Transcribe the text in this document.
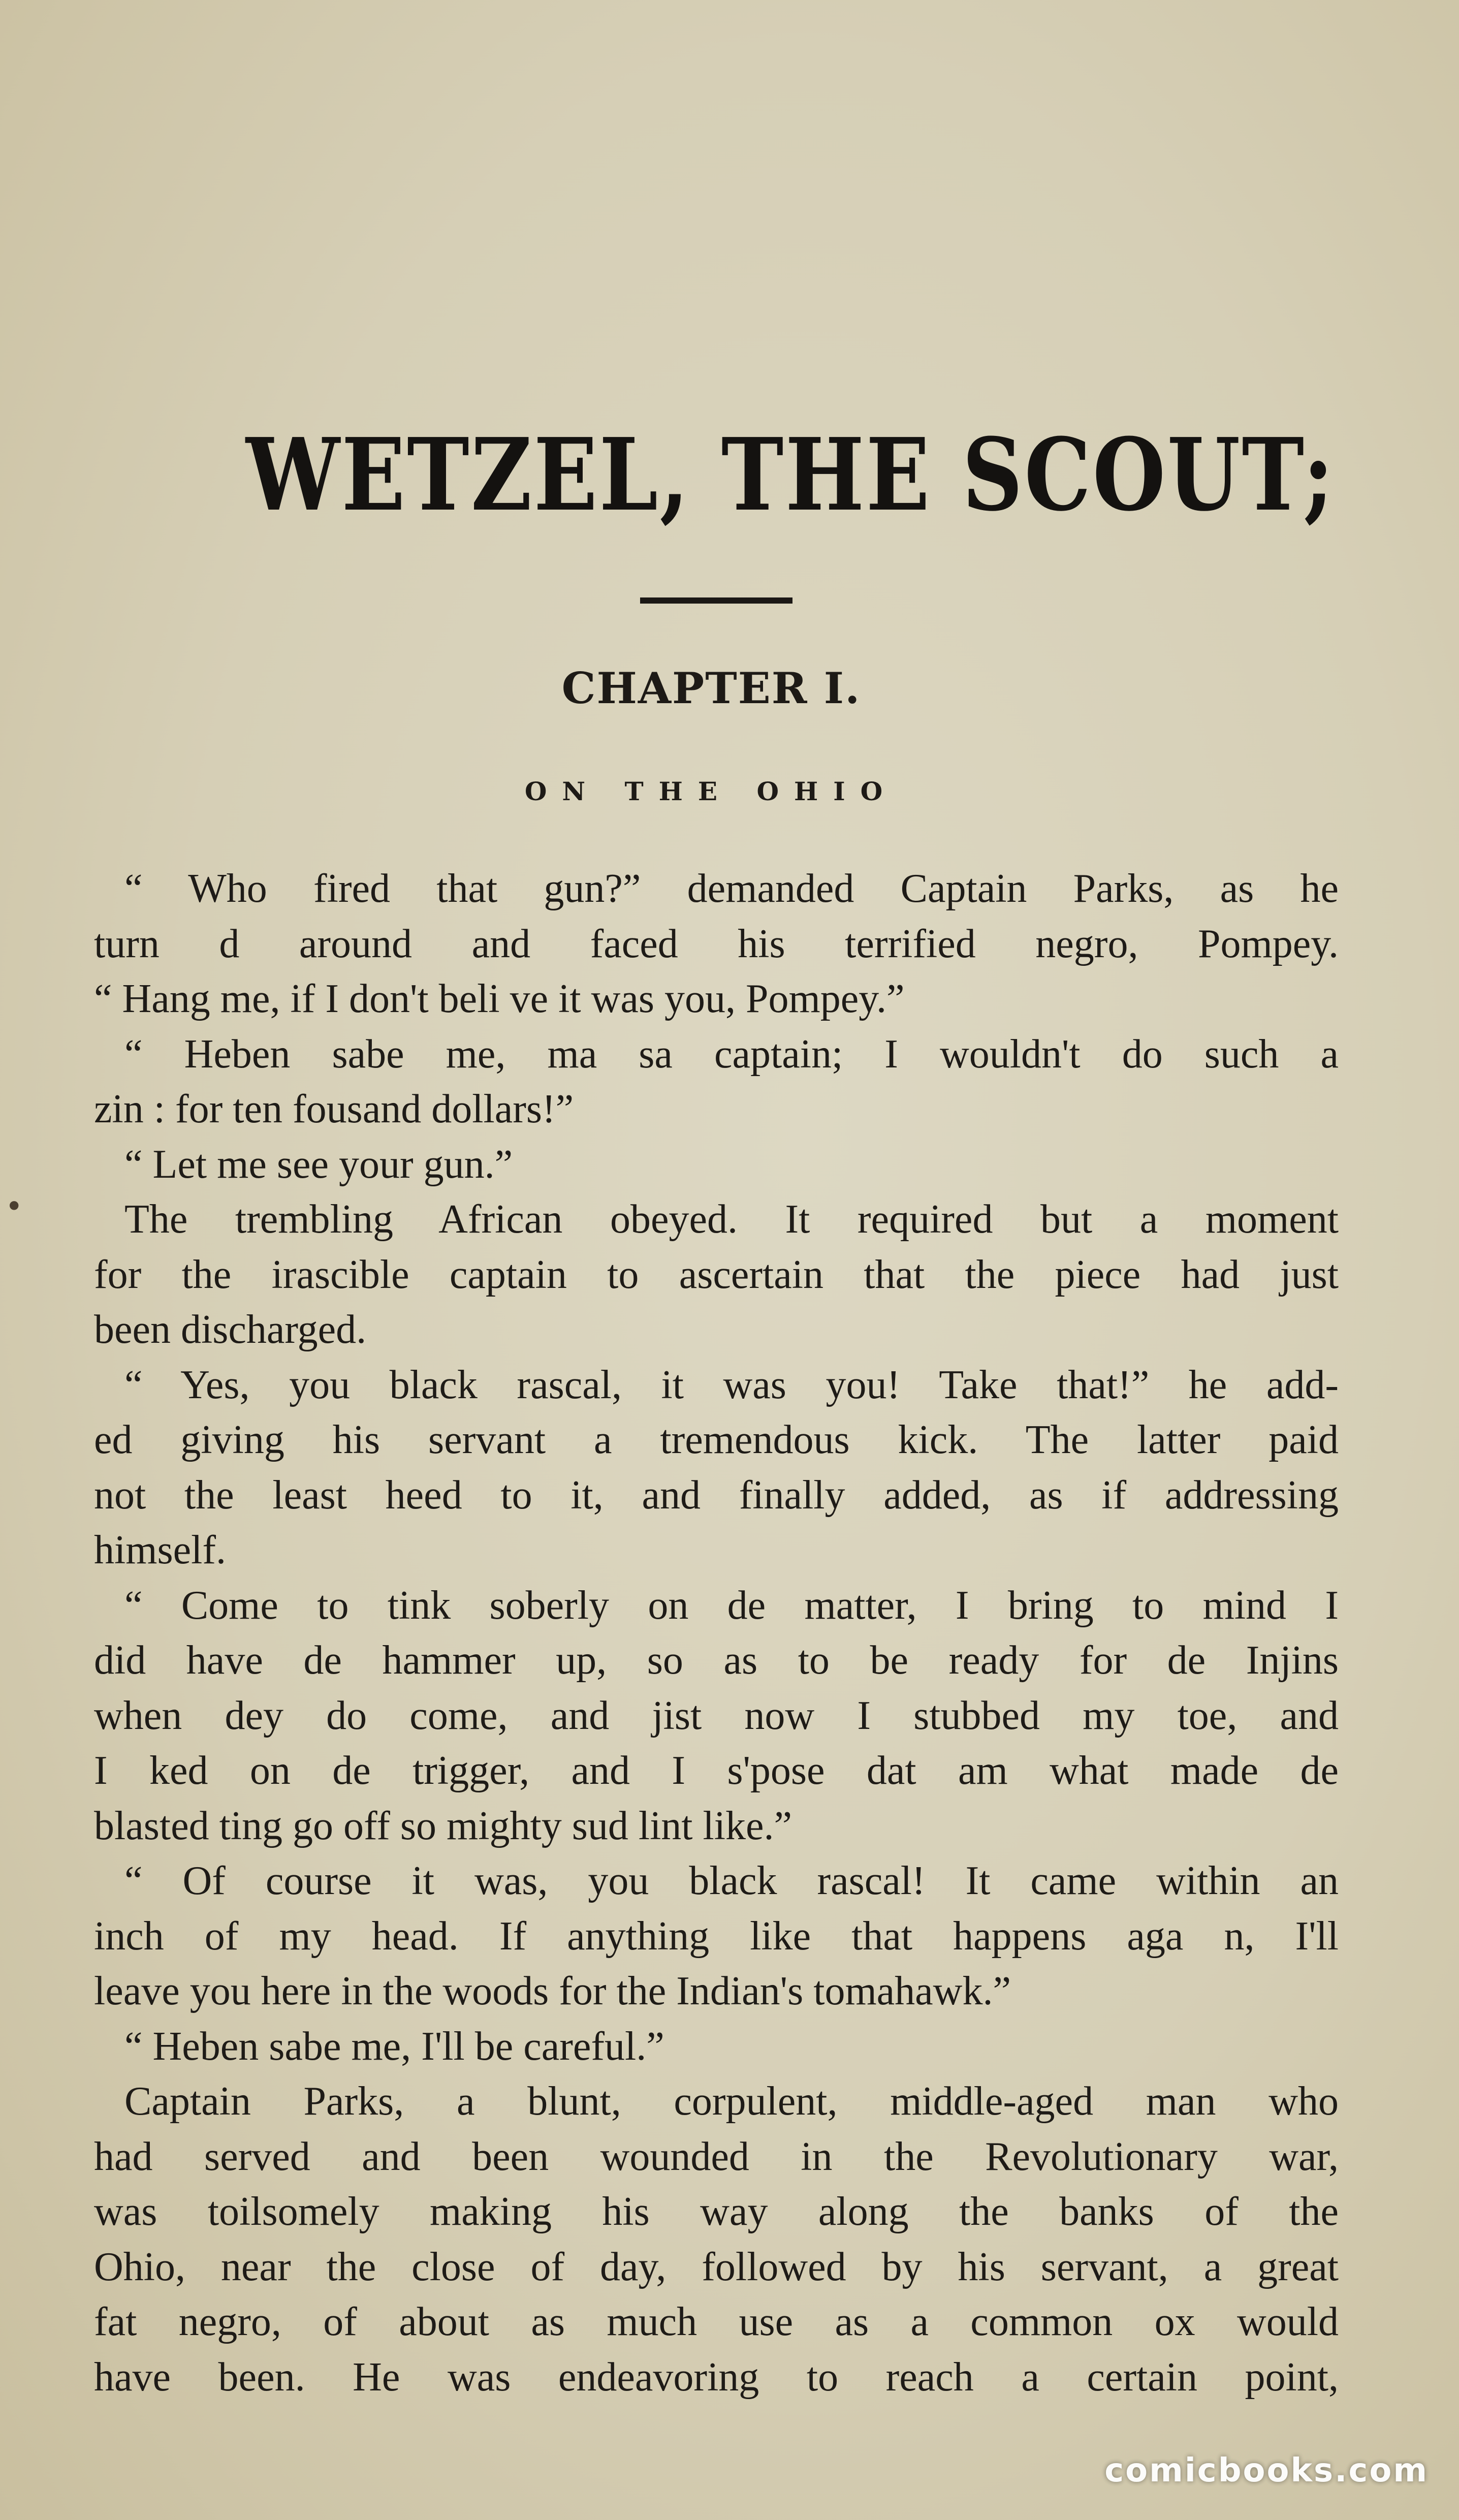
•
WETZEL, THE SCOUT;
CHAPTER I.
ON THE OHIO
“ Who fired that gun?” demanded Captain Parks, as he
turn d around and faced his terrified negro, Pompey.
“ Hang me, if I don't beli ve it was you, Pompey.”
“ Heben sabe me, ma sa captain; I wouldn't do such a
zin : for ten fousand dollars!”
“ Let me see your gun.”
The trembling African obeyed. It required but a moment
for the irascible captain to ascertain that the piece had just
been discharged.
“ Yes, you black rascal, it was you! Take that!” he add-
ed giving his servant a tremendous kick. The latter paid
not the least heed to it, and finally added, as if addressing
himself.
“ Come to tink soberly on de matter, I bring to mind I
did have de hammer up, so as to be ready for de Injins
when dey do come, and jist now I stubbed my toe, and
I ked on de trigger, and I s'pose dat am what made de
blasted ting go off so mighty sud lint like.”
“ Of course it was, you black rascal! It came within an
inch of my head. If anything like that happens aga n, I'll
leave you here in the woods for the Indian's tomahawk.”
“ Heben sabe me, I'll be careful.”
Captain Parks, a blunt, corpulent, middle-aged man who
had served and been wounded in the Revolutionary war,
was toilsomely making his way along the banks of the
Ohio, near the close of day, followed by his servant, a great
fat negro, of about as much use as a common ox would
have been. He was endeavoring to reach a certain point,
comicbooks.com
